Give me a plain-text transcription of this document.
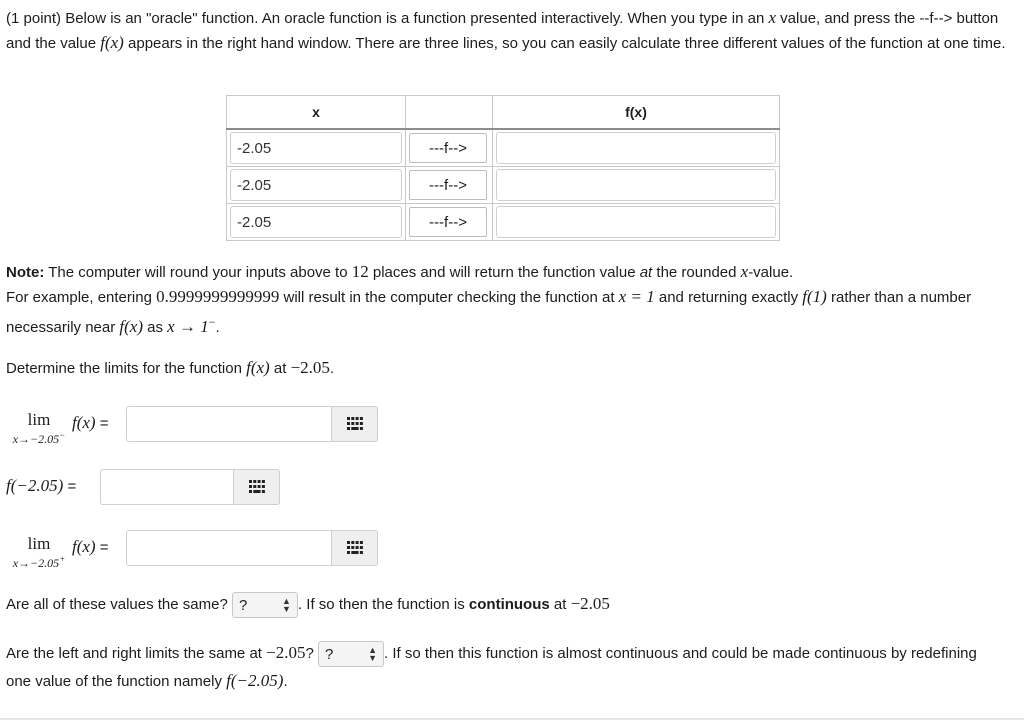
(1 point) Below is an "oracle" function. An oracle function is a function presented interactively. When you type in an x value, and press the --f--> button and the value f(x) appears in the right hand window. There are three lines, so you can easily calculate three different values of the function at one time.
x		f(x)
-2.05	---f-->	

-2.05	---f-->	

-2.05	---f-->	
Note: The computer will round your inputs above to 12 places and will return the function value at the rounded x-value.
For example, entering 0.9999999999999 will result in the computer checking the function at x = 1 and returning exactly f(1) rather than a number necessarily near f(x) as x → 1−.
Determine the limits for the function f(x) at −2.05.
lim
x→−2.05−
f(x) =
f(−2.05) =
lim
x→−2.05+
f(x) =
Are all of these values the same? ?	▲
▼ . If so then the function is continuous at −2.05
Are the left and right limits the same at −2.05? ?	▲
▼ . If so then this function is almost continuous and could be made continuous by redefining one value of the function namely f(−2.05).
